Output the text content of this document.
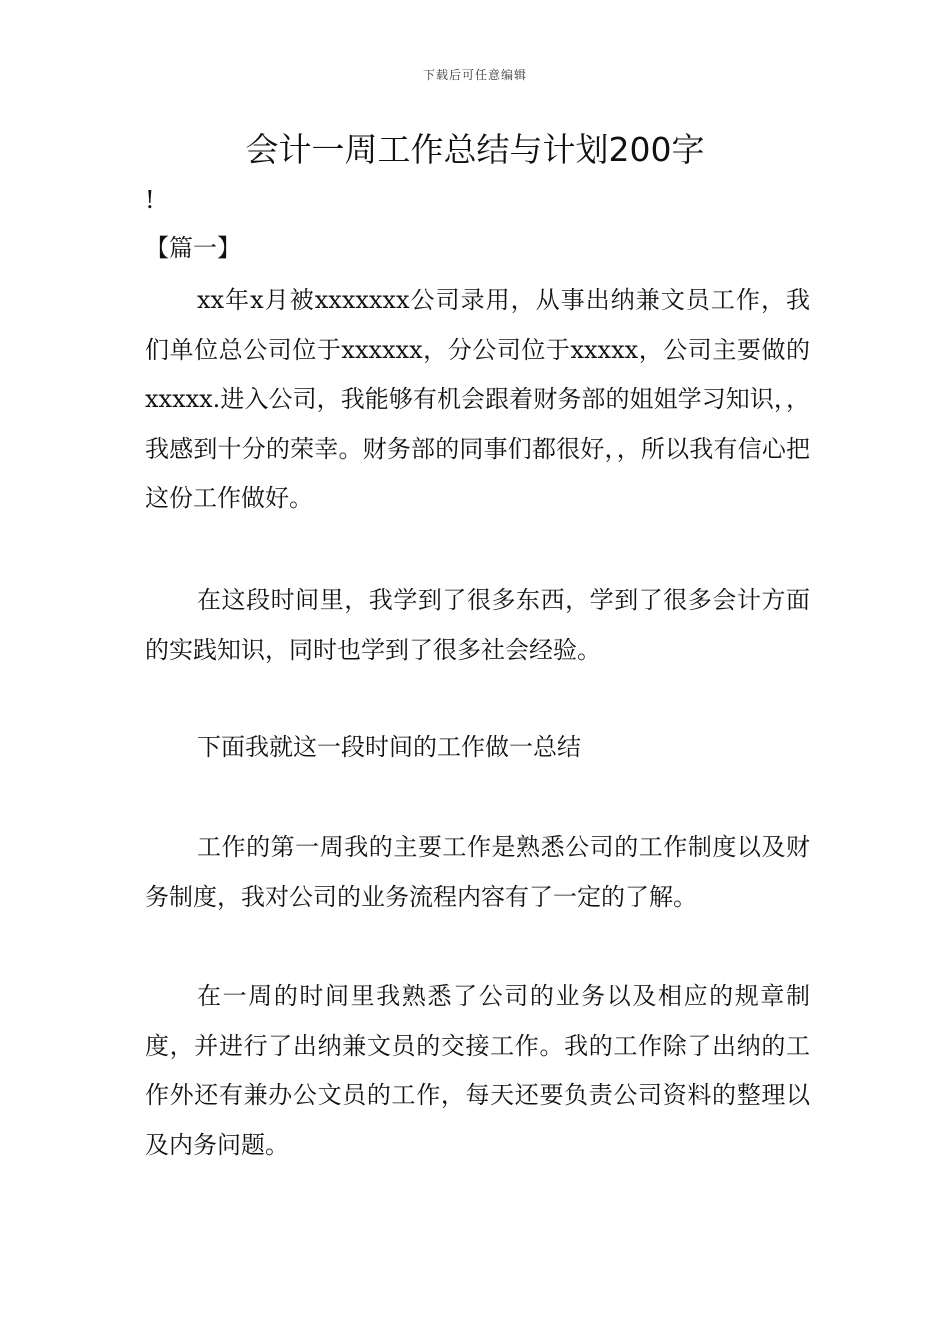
下载后可任意编辑
会计一周工作总结与计划200字
!
【篇一】

xx年x月被xxxxxxx公司录用，从事出纳兼文员工作，我们单位总公司位于xxxxxx，分公司位于xxxxx，公司主要做的xxxxx.进入公司，我能够有机会跟着财务部的姐姐学习知识，，我感到十分的荣幸。财务部的同事们都很好，，所以我有信心把这份工作做好。

在这段时间里，我学到了很多东西，学到了很多会计方面的实践知识，同时也学到了很多社会经验。

下面我就这一段时间的工作做一总结

工作的第一周我的主要工作是熟悉公司的工作制度以及财务制度，我对公司的业务流程内容有了一定的了解。

在一周的时间里我熟悉了公司的业务以及相应的规章制度，并进行了出纳兼文员的交接工作。我的工作除了出纳的工作外还有兼办公文员的工作，每天还要负责公司资料的整理以及内务问题。
